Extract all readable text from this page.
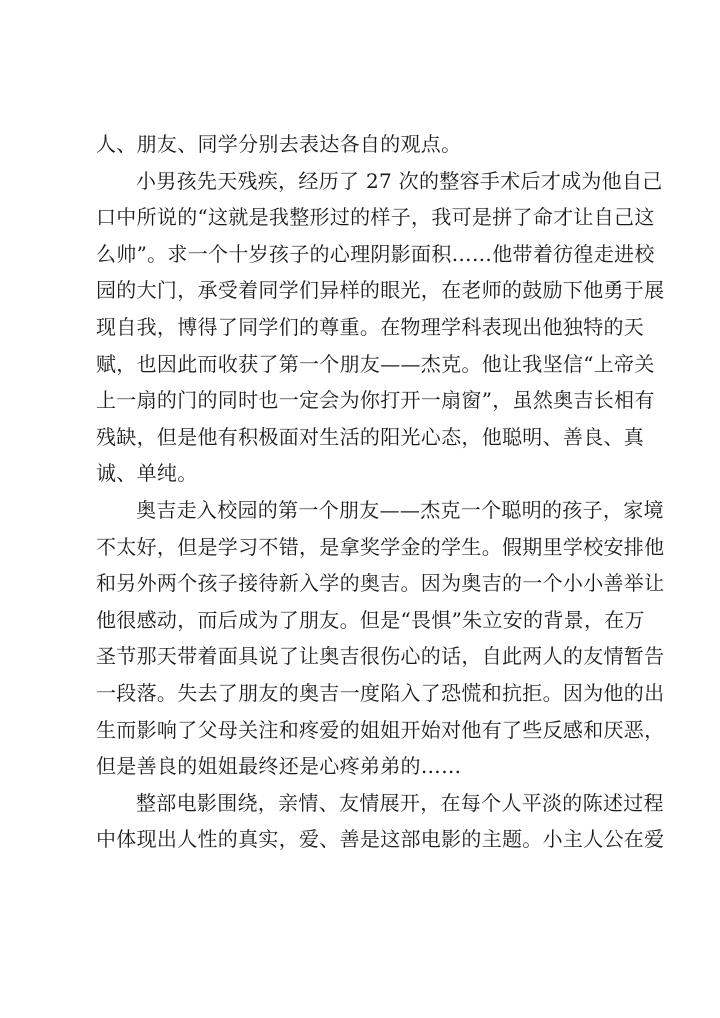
人、朋友、同学分别去表达各自的观点。
小男孩先天残疾，经历了 27 次的整容手术后才成为他自己
口中所说的“这就是我整形过的样子，我可是拼了命才让自己这
么帅”。求一个十岁孩子的心理阴影面积……他带着彷徨走进校
园的大门，承受着同学们异样的眼光，在老师的鼓励下他勇于展
现自我，博得了同学们的尊重。在物理学科表现出他独特的天
赋，也因此而收获了第一个朋友——杰克。他让我坚信“上帝关
上一扇的门的同时也一定会为你打开一扇窗”，虽然奥吉长相有
残缺，但是他有积极面对生活的阳光心态，他聪明、善良、真
诚、单纯。
奥吉走入校园的第一个朋友——杰克一个聪明的孩子，家境
不太好，但是学习不错，是拿奖学金的学生。假期里学校安排他
和另外两个孩子接待新入学的奥吉。因为奥吉的一个小小善举让
他很感动，而后成为了朋友。但是“畏惧”朱立安的背景，在万
圣节那天带着面具说了让奥吉很伤心的话，自此两人的友情暂告
一段落。失去了朋友的奥吉一度陷入了恐慌和抗拒。因为他的出
生而影响了父母关注和疼爱的姐姐开始对他有了些反感和厌恶，
但是善良的姐姐最终还是心疼弟弟的……
整部电影围绕，亲情、友情展开，在每个人平淡的陈述过程
中体现出人性的真实，爱、善是这部电影的主题。小主人公在爱
